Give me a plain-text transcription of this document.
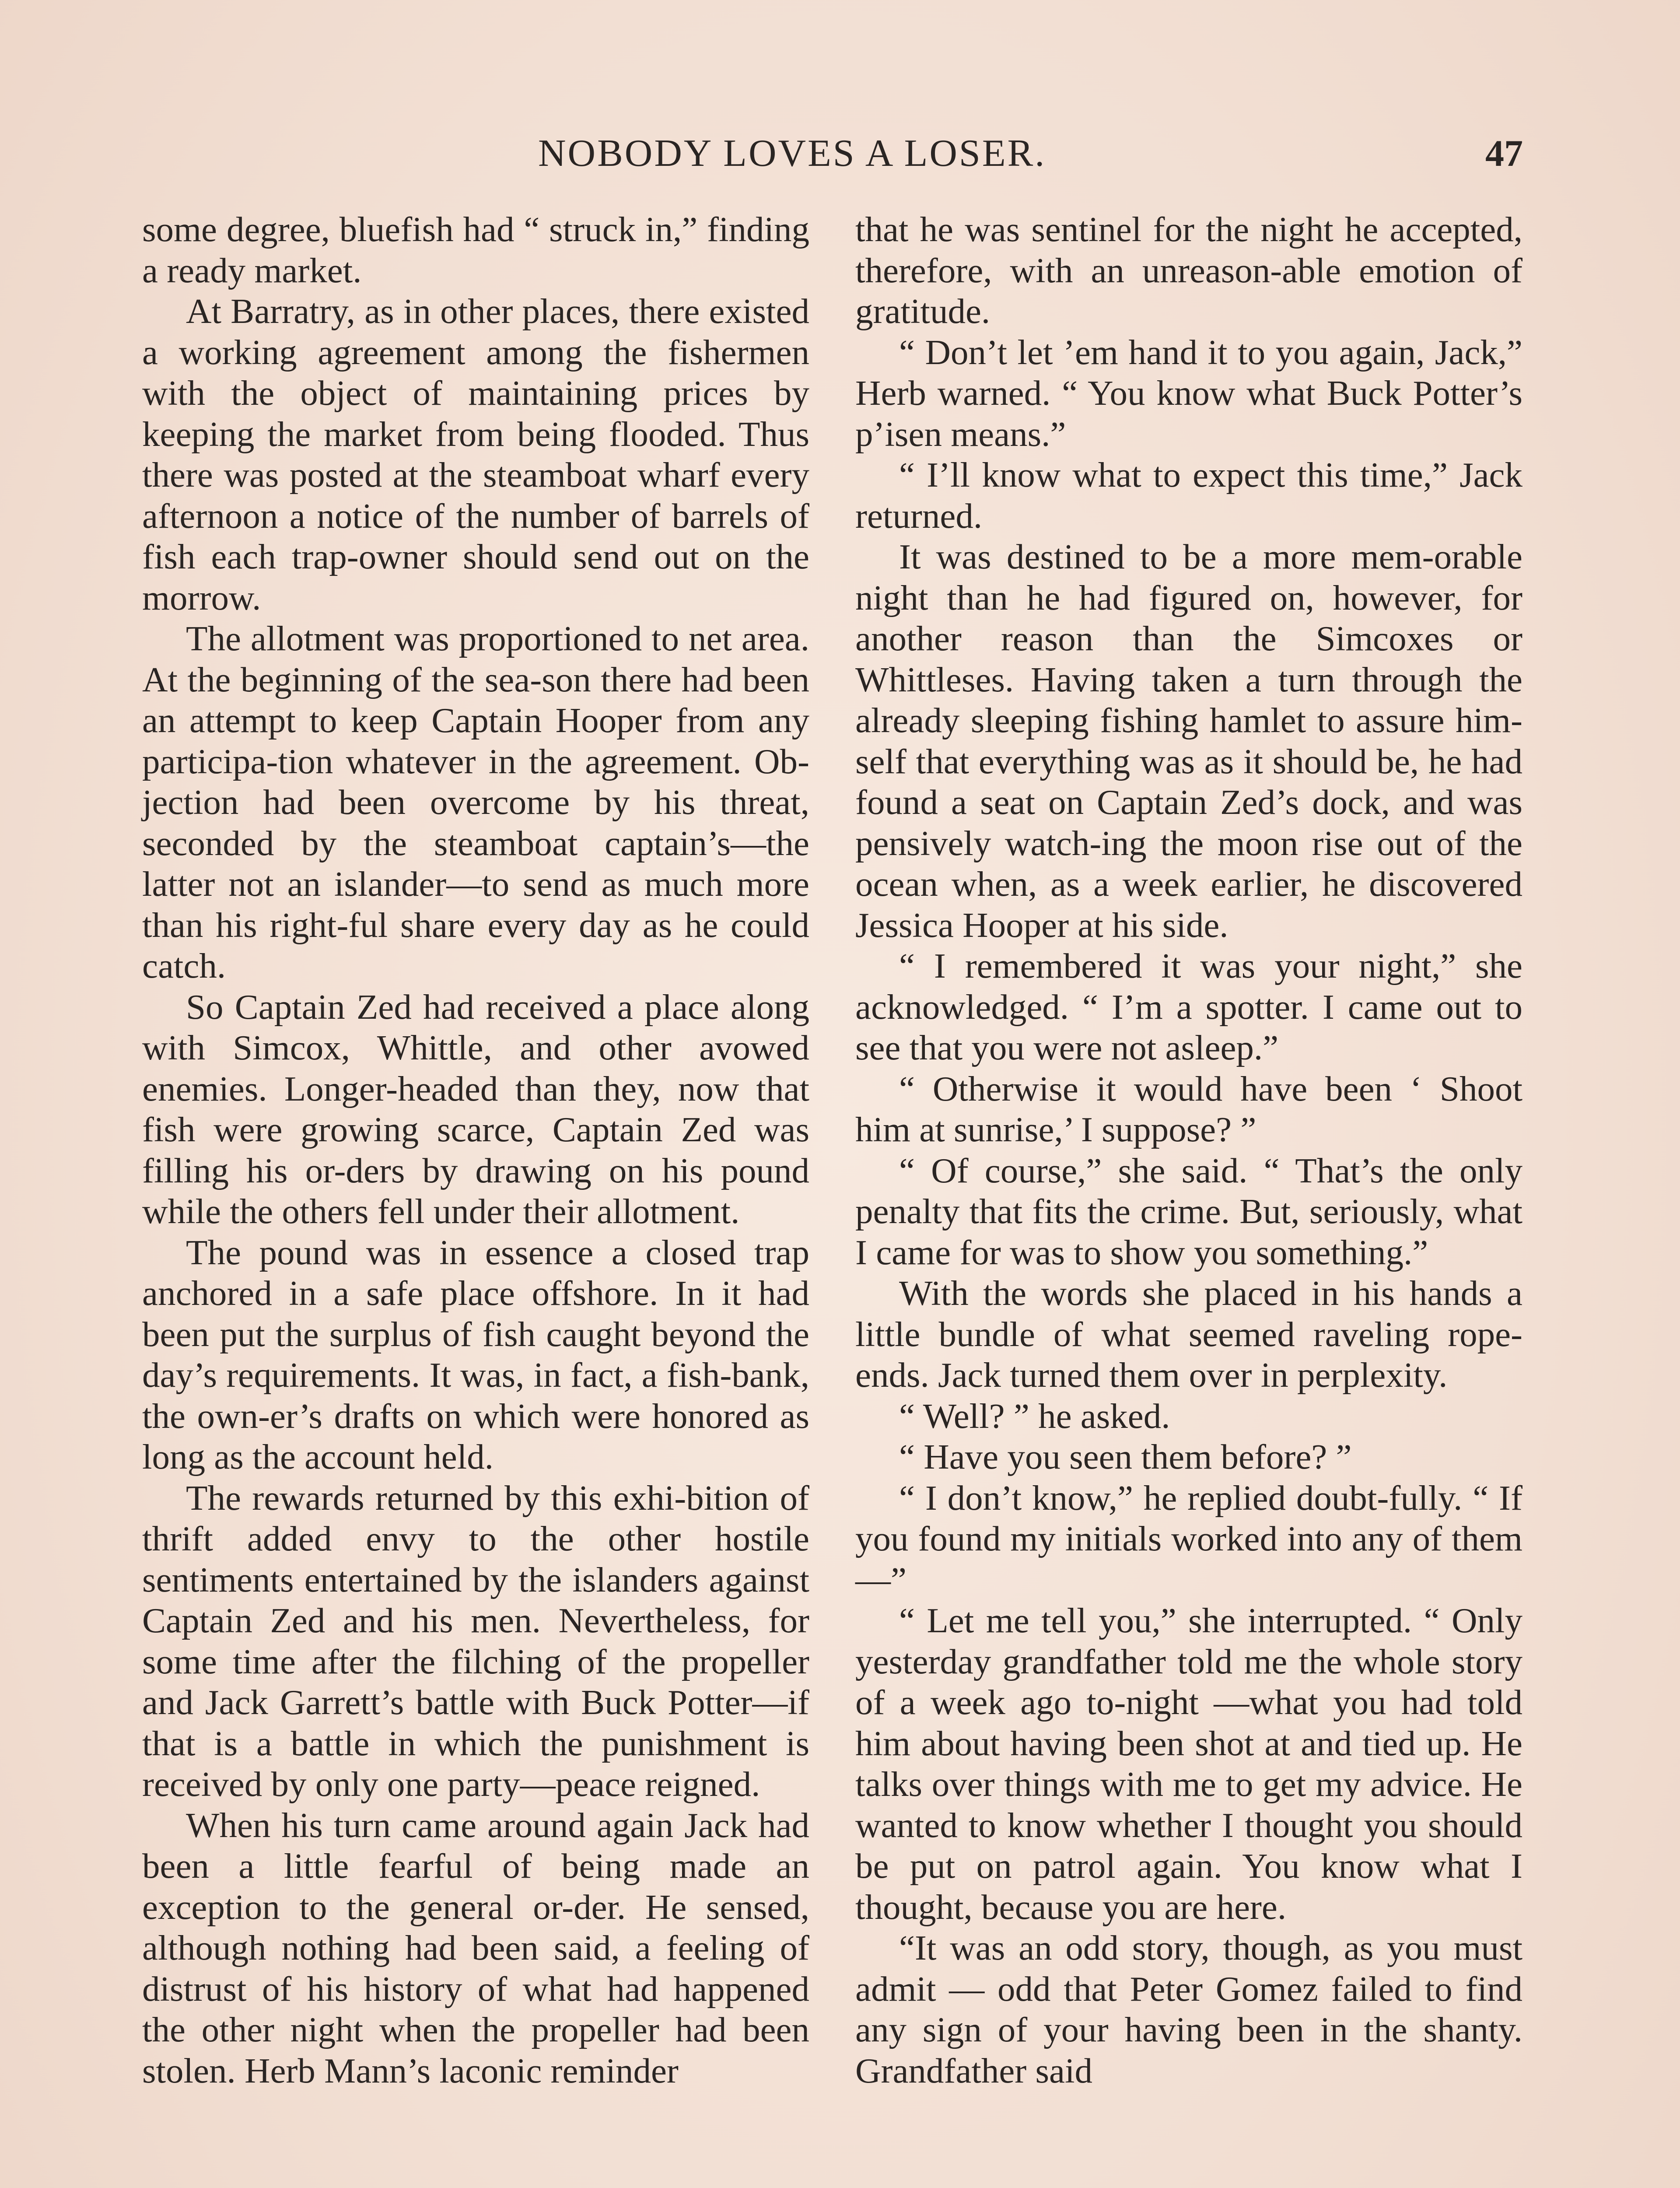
NOBODY LOVES A LOSER.	47

some degree, bluefish had “ struck in,” finding a ready market.

At Barratry, as in other places, there existed a working agreement among the fishermen with the object of maintaining prices by keeping the market from being flooded. Thus there was posted at the steamboat wharf every afternoon a notice of the number of barrels of fish each trap-owner should send out on the morrow.

The allotment was proportioned to net area. At the beginning of the sea-son there had been an attempt to keep Captain Hooper from any participa-tion whatever in the agreement. Ob-jection had been overcome by his threat, seconded by the steamboat captain’s—the latter not an islander—to send as much more than his right-ful share every day as he could catch.

So Captain Zed had received a place along with Simcox, Whittle, and other avowed enemies. Longer-headed than they, now that fish were growing scarce, Captain Zed was filling his or-ders by drawing on his pound while the others fell under their allotment.

The pound was in essence a closed trap anchored in a safe place offshore. In it had been put the surplus of fish caught beyond the day’s requirements. It was, in fact, a fish-bank, the own-er’s drafts on which were honored as long as the account held.

The rewards returned by this exhi-bition of thrift added envy to the other hostile sentiments entertained by the islanders against Captain Zed and his men. Nevertheless, for some time after the filching of the propeller and Jack Garrett’s battle with Buck Potter—if that is a battle in which the punishment is received by only one party—peace reigned.

When his turn came around again Jack had been a little fearful of being made an exception to the general or-der. He sensed, although nothing had been said, a feeling of distrust of his history of what had happened the other night when the propeller had been stolen. Herb Mann’s laconic reminder

that he was sentinel for the night he accepted, therefore, with an unreason-able emotion of gratitude.

“ Don’t let ’em hand it to you again, Jack,” Herb warned. “ You know what Buck Potter’s p’isen means.”

“ I’ll know what to expect this time,” Jack returned.

It was destined to be a more mem-orable night than he had figured on, however, for another reason than the Simcoxes or Whittleses. Having taken a turn through the already sleeping fishing hamlet to assure him-self that everything was as it should be, he had found a seat on Captain Zed’s dock, and was pensively watch-ing the moon rise out of the ocean when, as a week earlier, he discovered Jessica Hooper at his side.

“ I remembered it was your night,” she acknowledged. “ I’m a spotter. I came out to see that you were not asleep.”

“ Otherwise it would have been ‘ Shoot him at sunrise,’ I suppose? ”

“ Of course,” she said. “ That’s the only penalty that fits the crime. But, seriously, what I came for was to show you something.”

With the words she placed in his hands a little bundle of what seemed raveling rope-ends. Jack turned them over in perplexity.

“ Well? ” he asked.

“ Have you seen them before? ”

“ I don’t know,” he replied doubt-fully. “ If you found my initials worked into any of them—”

“ Let me tell you,” she interrupted. “ Only yesterday grandfather told me the whole story of a week ago to-night —what you had told him about having been shot at and tied up. He talks over things with me to get my advice. He wanted to know whether I thought you should be put on patrol again. You know what I thought, because you are here.

“It was an odd story, though, as you must admit — odd that Peter Gomez failed to find any sign of your having been in the shanty. Grandfather said
